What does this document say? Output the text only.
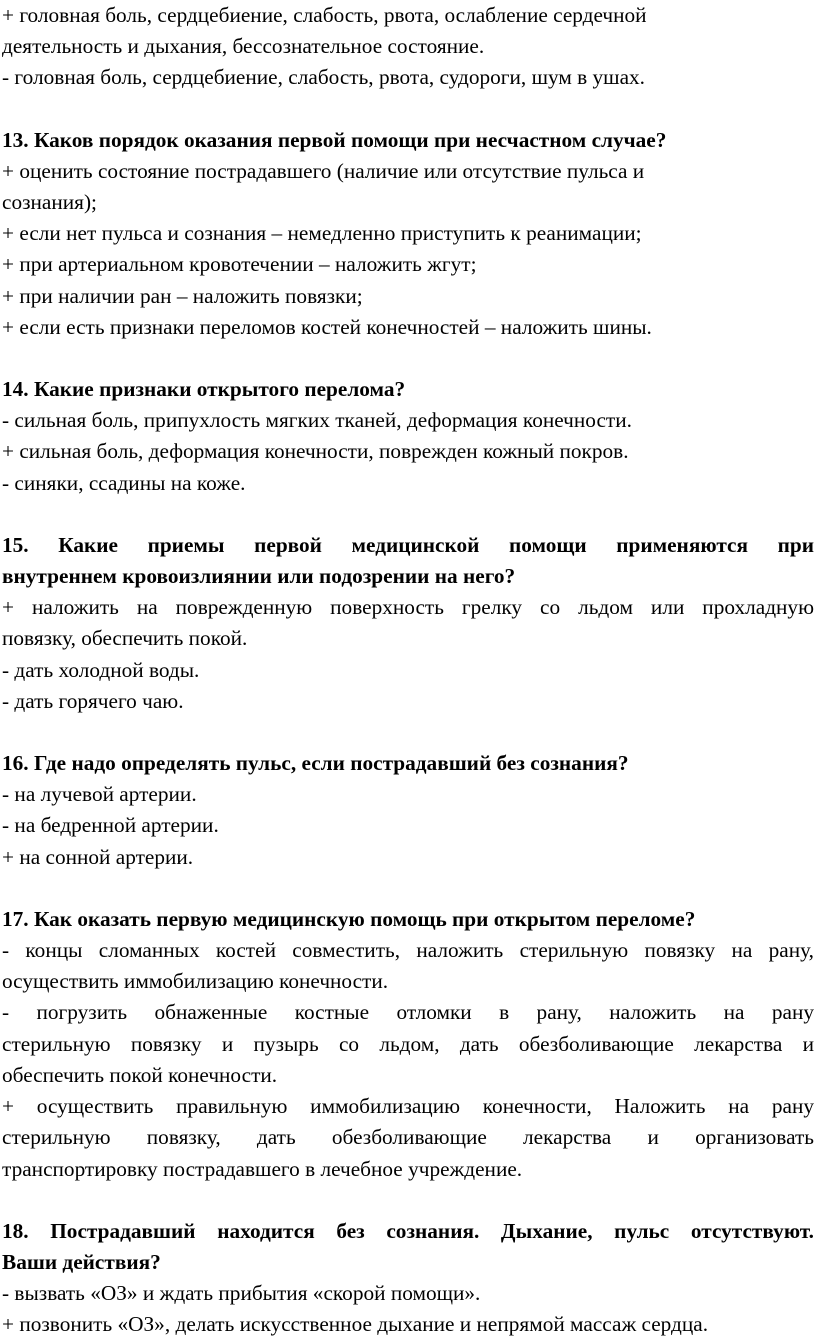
+ головная боль, сердцебиение, слабость, рвота, ослабление сердечной
деятельность и дыхания, бессознательное состояние.
- головная боль, сердцебиение, слабость, рвота, судороги, шум в ушах.
13. Каков порядок оказания первой помощи при несчастном случае?
+ оценить состояние пострадавшего (наличие или отсутствие пульса и
сознания);
+ если нет пульса и сознания – немедленно приступить к реанимации;
+ при артериальном кровотечении – наложить жгут;
+ при наличии ран – наложить повязки;
+ если есть признаки переломов костей конечностей – наложить шины.
14. Какие признаки открытого перелома?
- сильная боль, припухлость мягких тканей, деформация конечности.
+ сильная боль, деформация конечности, поврежден кожный покров.
- синяки, ссадины на коже.
15. Какие приемы первой медицинской помощи применяются при
внутреннем кровоизлиянии или подозрении на него?
+ наложить на поврежденную поверхность грелку со льдом или прохладную
повязку, обеспечить покой.
- дать холодной воды.
- дать горячего чаю.
16. Где надо определять пульс, если пострадавший без сознания?
- на лучевой артерии.
- на бедренной артерии.
+ на сонной артерии.
17. Как оказать первую медицинскую помощь при открытом переломе?
- концы сломанных костей совместить, наложить стерильную повязку на рану,
осуществить иммобилизацию конечности.
- погрузить обнаженные костные отломки в рану, наложить на рану
стерильную повязку и пузырь со льдом, дать обезболивающие лекарства и
обеспечить покой конечности.
+ осуществить правильную иммобилизацию конечности, Наложить на рану
стерильную повязку, дать обезболивающие лекарства и организовать
транспортировку пострадавшего в лечебное учреждение.
18. Пострадавший находится без сознания. Дыхание, пульс отсутствуют.
Ваши действия?
- вызвать «ОЗ» и ждать прибытия «скорой помощи».
+ позвонить «ОЗ», делать искусственное дыхание и непрямой массаж сердца.
